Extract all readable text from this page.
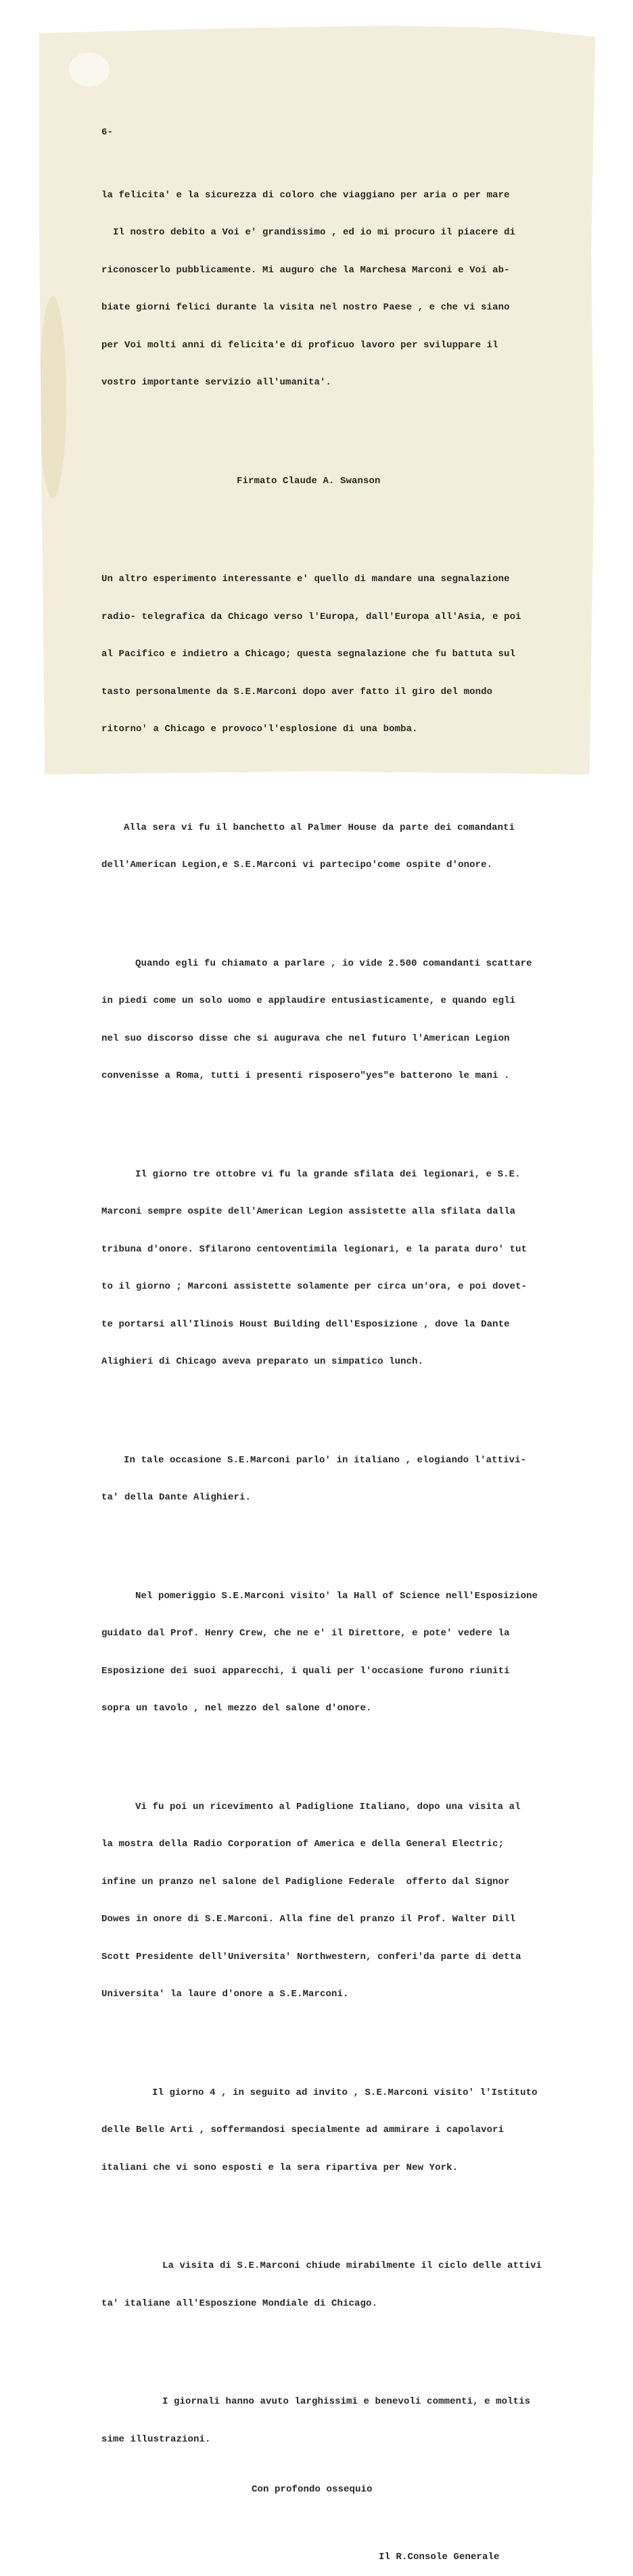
6-

la felicita' e la sicurezza di coloro che viaggiano per aria o per mare

Il nostro debito a Voi e' grandissimo , ed io mi procuro il piacere di

riconoscerlo pubblicamente. Mi auguro che la Marchesa Marconi e Voi ab-

biate giorni felici durante la visita nel nostro Paese , e che vi siano

per Voi molti anni di felicita'e di proficuo lavoro per sviluppare il

vostro importante servizio all'umanita'.

Firmato Claude A. Swanson

Un altro esperimento interessante e' quello di mandare una segnalazione

radio- telegrafica da Chicago verso l'Europa, dall'Europa all'Asia, e poi

al Pacifico e indietro a Chicago; questa segnalazione che fu battuta sul

tasto personalmente da S.E.Marconi dopo aver fatto il giro del mondo

ritorno' a Chicago e provoco'l'esplosione di una bomba.

Alla sera vi fu il banchetto al Palmer House da parte dei comandanti

dell'American Legion,e S.E.Marconi vi partecipo'come ospite d'onore.

Quando egli fu chiamato a parlare , io vide 2.500 comandanti scattare

in piedi come un solo uomo e applaudire entusiasticamente, e quando egli

nel suo discorso disse che si augurava che nel futuro l'American Legion

convenisse a Roma, tutti i presenti risposero"yes"e batterono le mani .

Il giorno tre ottobre vi fu la grande sfilata dei legionari, e S.E.

Marconi sempre ospite dell'American Legion assistette alla sfilata dalla

tribuna d'onore. Sfilarono centoventimila legionari, e la parata duro' tut

to il giorno ; Marconi assistette solamente per circa un'ora, e poi dovet-

te portarsi all'Ilinois Houst Building dell'Esposizione , dove la Dante

Alighieri di Chicago aveva preparato un simpatico lunch.

In tale occasione S.E.Marconi parlo' in italiano , elogiando l'attivi-

ta' della Dante Alighieri.

Nel pomeriggio S.E.Marconi visito' la Hall of Science nell'Esposizione

guidato dal Prof. Henry Crew, che ne e' il Direttore, e pote' vedere la

Esposizione dei suoi apparecchi, i quali per l'occasione furono riuniti

sopra un tavolo , nel mezzo del salone d'onore.

Vi fu poi un ricevimento al Padiglione Italiano, dopo una visita al

la mostra della Radio Corporation of America e della General Electric;

infine un pranzo nel salone del Padiglione Federale  offerto dal Signor

Dowes in onore di S.E.Marconi. Alla fine del pranzo il Prof. Walter Dill

Scott Presidente dell'Universita' Northwestern, conferi'da parte di detta

Universita' la laure d'onore a S.E.Marconi.

Il giorno 4 , in seguito ad invito , S.E.Marconi visito' l'Istituto

delle Belle Arti , soffermandosi specialmente ad ammirare i capolavori

italiani che vi sono esposti e la sera ripartiva per New York.

La visita di S.E.Marconi chiude mirabilmente il ciclo delle attivi

ta' italiane all'Esposzione Mondiale di Chicago.

I giornali hanno avuto larghissimi e benevoli commenti, e moltis

sime illustrazioni.

Con profondo ossequio

Il R.Console Generale
